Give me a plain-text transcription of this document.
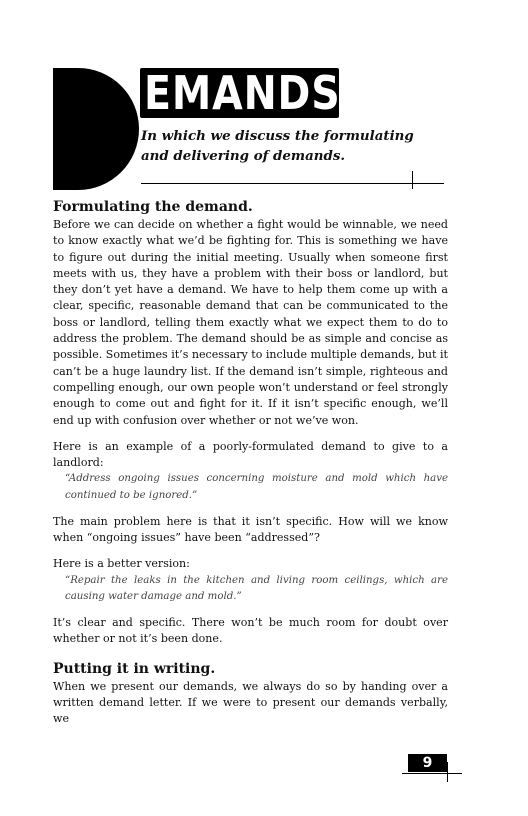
EMANDS
In which we discuss the formulating and delivering of demands.

Formulating the demand.

Before we can decide on whether a fight would be winnable, we need to know exactly what we’d be fighting for. This is something we have to figure out during the initial meeting. Usually when someone first meets with us, they have a problem with their boss or landlord, but they don’t yet have a demand. We have to help them come up with a clear, specific, reasonable demand that can be communicated to the boss or landlord, telling them exactly what we expect them to do to address the problem. The demand should be as simple and concise as possible. Sometimes it’s necessary to include multiple demands, but it can’t be a huge laundry list. If the demand isn’t simple, righteous and compelling enough, our own people won’t understand or feel strongly enough to come out and fight for it. If it isn’t specific enough, we’ll end up with confusion over whether or not we’ve won.

Here is an example of a poorly-formulated demand to give to a landlord:

“Address ongoing issues concerning moisture and mold which have continued to be ignored.”

The main problem here is that it isn’t specific. How will we know when “ongoing issues” have been “addressed”?

Here is a better version:

“Repair the leaks in the kitchen and living room ceilings, which are causing water damage and mold.”

It’s clear and specific. There won’t be much room for doubt over whether or not it’s been done.

Putting it in writing.

When we present our demands, we always do so by handing over a written demand letter. If we were to present our demands verbally, we

9
